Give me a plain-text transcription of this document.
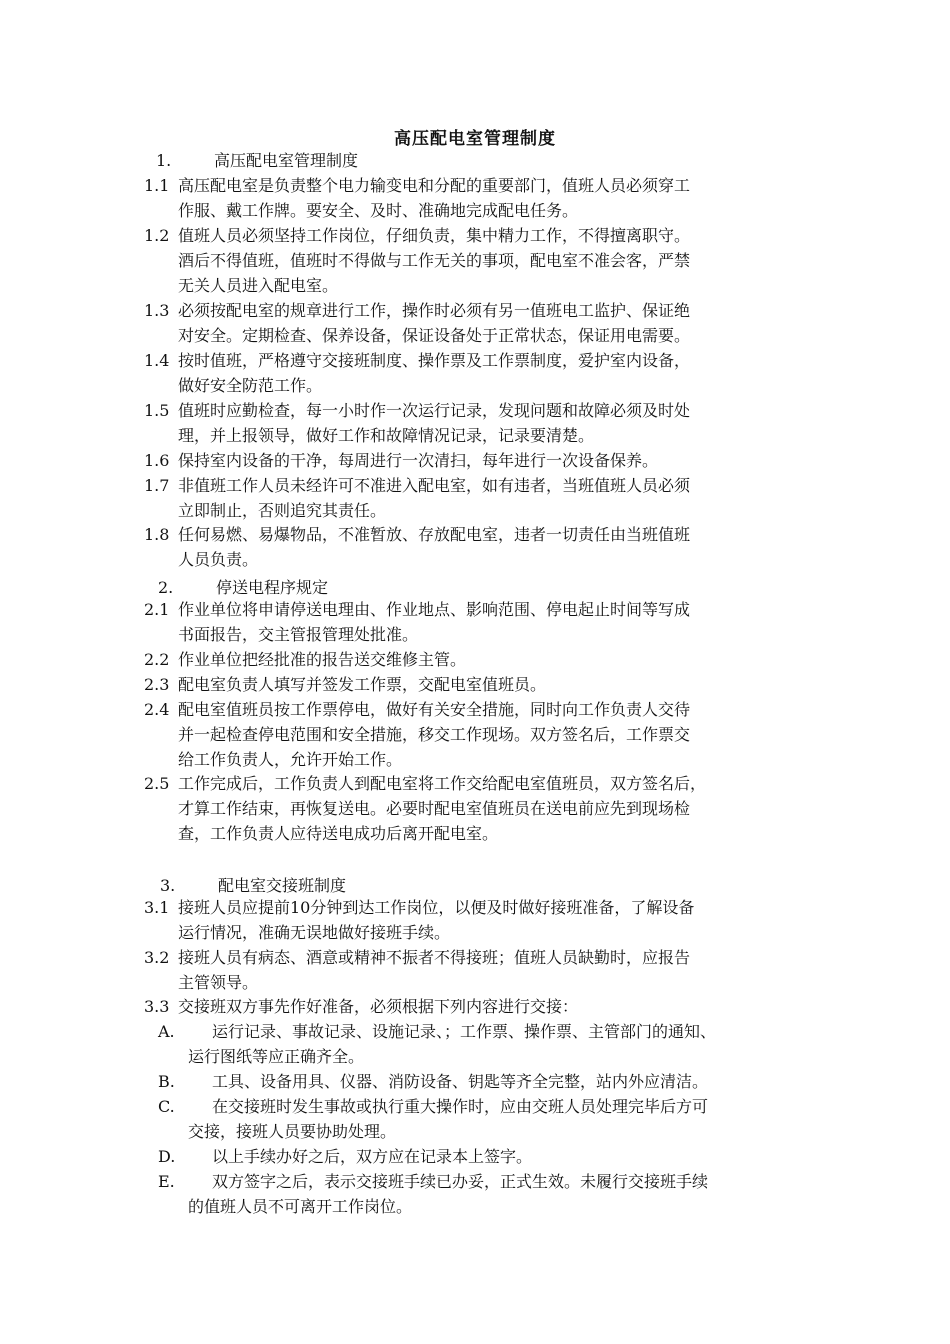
高压配电室管理制度
1.	高压配电室管理制度
1.1 高压配电室是负责整个电力输变电和分配的重要部门，值班人员必须穿工
作服、戴工作牌。要安全、及时、准确地完成配电任务。
1.2 值班人员必须坚持工作岗位，仔细负责，集中精力工作，不得擅离职守。
酒后不得值班，值班时不得做与工作无关的事项，配电室不准会客，严禁
无关人员进入配电室。
1.3 必须按配电室的规章进行工作，操作时必须有另一值班电工监护、保证绝
对安全。定期检查、保养设备，保证设备处于正常状态，保证用电需要。
1.4 按时值班，严格遵守交接班制度、操作票及工作票制度，爱护室内设备，
做好安全防范工作。
1.5 值班时应勤检查，每一小时作一次运行记录，发现问题和故障必须及时处
理，并上报领导，做好工作和故障情况记录，记录要清楚。
1.6 保持室内设备的干净，每周进行一次清扫，每年进行一次设备保养。
1.7 非值班工作人员未经许可不准进入配电室，如有违者，当班值班人员必须
立即制止，否则追究其责任。
1.8 任何易燃、易爆物品，不准暂放、存放配电室，违者一切责任由当班值班
人员负责。
2.	停送电程序规定
2.1 作业单位将申请停送电理由、作业地点、影响范围、停电起止时间等写成
书面报告，交主管报管理处批准。
2.2 作业单位把经批准的报告送交维修主管。
2.3 配电室负责人填写并签发工作票，交配电室值班员。
2.4 配电室值班员按工作票停电，做好有关安全措施，同时向工作负责人交待
并一起检查停电范围和安全措施，移交工作现场。双方签名后，工作票交
给工作负责人，允许开始工作。
2.5 工作完成后，工作负责人到配电室将工作交给配电室值班员，双方签名后，
才算工作结束，再恢复送电。必要时配电室值班员在送电前应先到现场检
查，工作负责人应待送电成功后离开配电室。
3.	配电室交接班制度
3.1 接班人员应提前10分钟到达工作岗位，以便及时做好接班准备，了解设备
运行情况，准确无误地做好接班手续。
3.2 接班人员有病态、酒意或精神不振者不得接班；值班人员缺勤时，应报告
主管领导。
3.3 交接班双方事先作好准备，必须根据下列内容进行交接：
A. 运行记录、事故记录、设施记录、；工作票、操作票、主管部门的通知、
运行图纸等应正确齐全。
B. 工具、设备用具、仪器、消防设备、钥匙等齐全完整，站内外应清洁。
C. 在交接班时发生事故或执行重大操作时，应由交班人员处理完毕后方可
交接，接班人员要协助处理。
D. 以上手续办好之后，双方应在记录本上签字。
E. 双方签字之后，表示交接班手续已办妥，正式生效。未履行交接班手续
的值班人员不可离开工作岗位。
